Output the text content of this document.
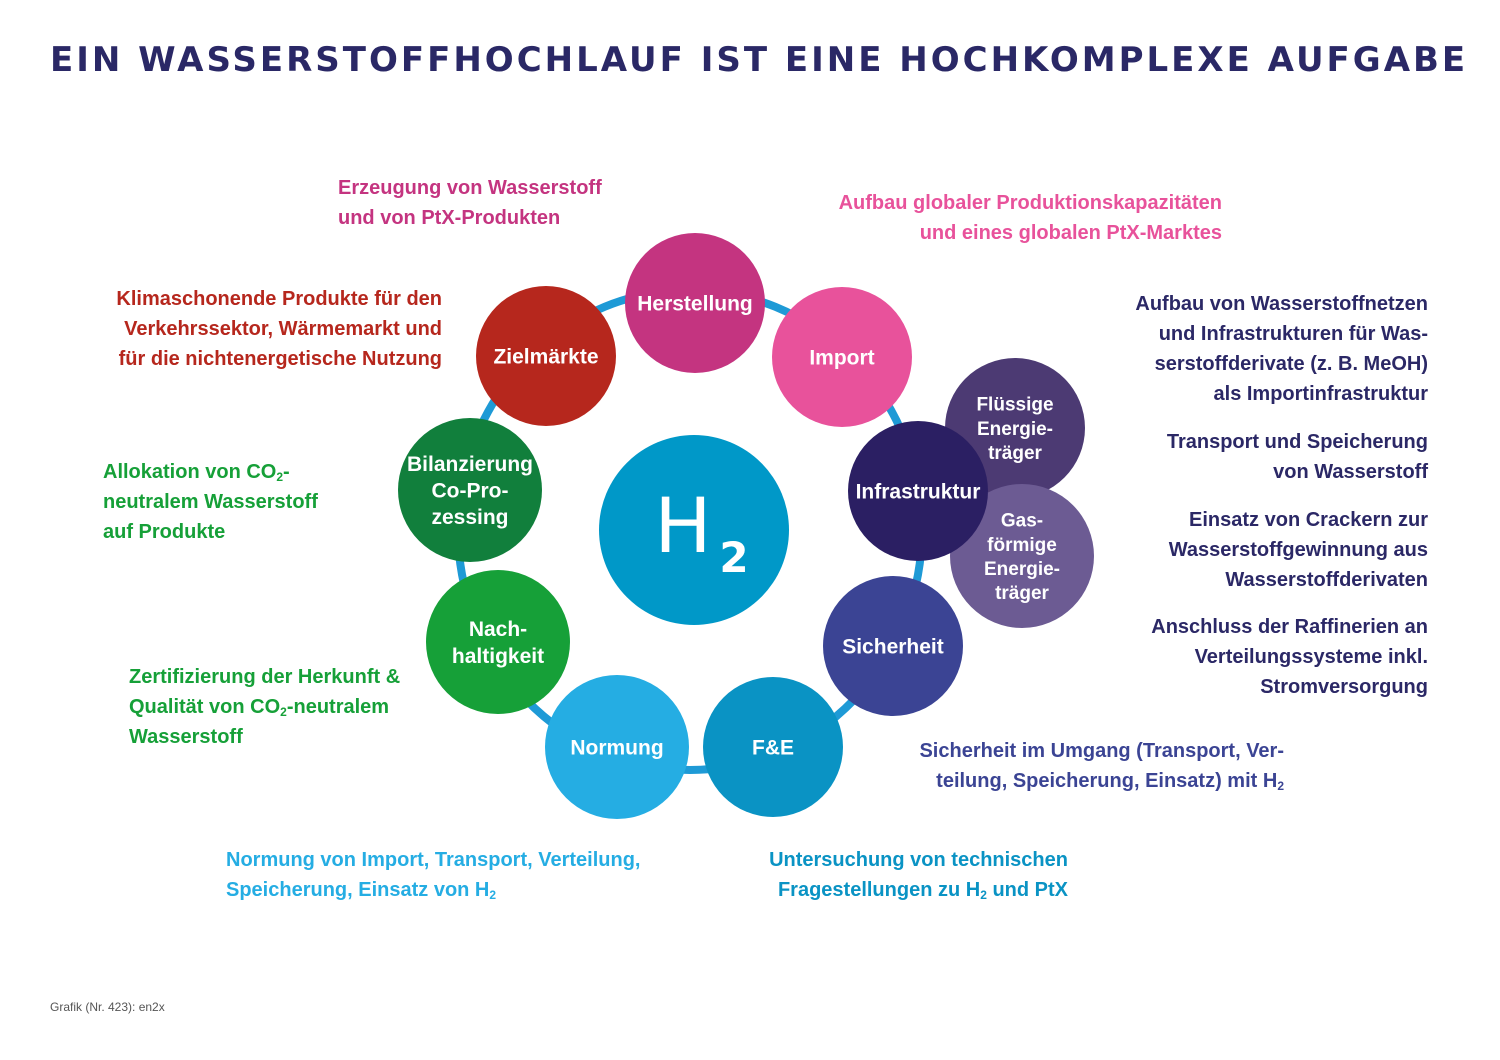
EIN WASSERSTOFFHOCHLAUF IST EINE HOCHKOMPLEXE AUFGABE
Herstellung
Import
Flüssige
Energie-
träger
Gas-
förmige
Energie-
träger
Infrastruktur
Sicherheit
F&E
Normung
Nach-
haltigkeit
Bilanzierung
Co-Pro-
zessing
Zielmärkte
H 2
Erzeugung von Wasserstoff
und von PtX-Produkten
Aufbau globaler Produktionskapazitäten
und eines globalen PtX-Marktes
Aufbau von Wasserstoffnetzen
und Infrastrukturen für Was-
serstoffderivate (z. B. MeOH)
als Importinfrastruktur
Transport und Speicherung
von Wasserstoff
Einsatz von Crackern zur
Wasserstoffgewinnung aus
Wasserstoffderivaten
Anschluss der Raffinerien an
Verteilungssysteme inkl.
Stromversorgung
Sicherheit im Umgang (Transport, Ver-
teilung, Speicherung, Einsatz) mit $H_2$
Untersuchung von technischen
Fragestellungen zu $H_2$ und PtX
Normung von Import, Transport, Verteilung,
Speicherung, Einsatz von $H_2$
Zertifizierung der Herkunft &
Qualität von $CO_2$-neutralem
Wasserstoff
Allokation von $CO_2-$
neutralem Wasserstoff
auf Produkte
Klimaschonende Produkte für den
Verkehrssektor, Wärmemarkt und
für die nichtenergetische Nutzung

Grafik (Nr. 423): en2x
